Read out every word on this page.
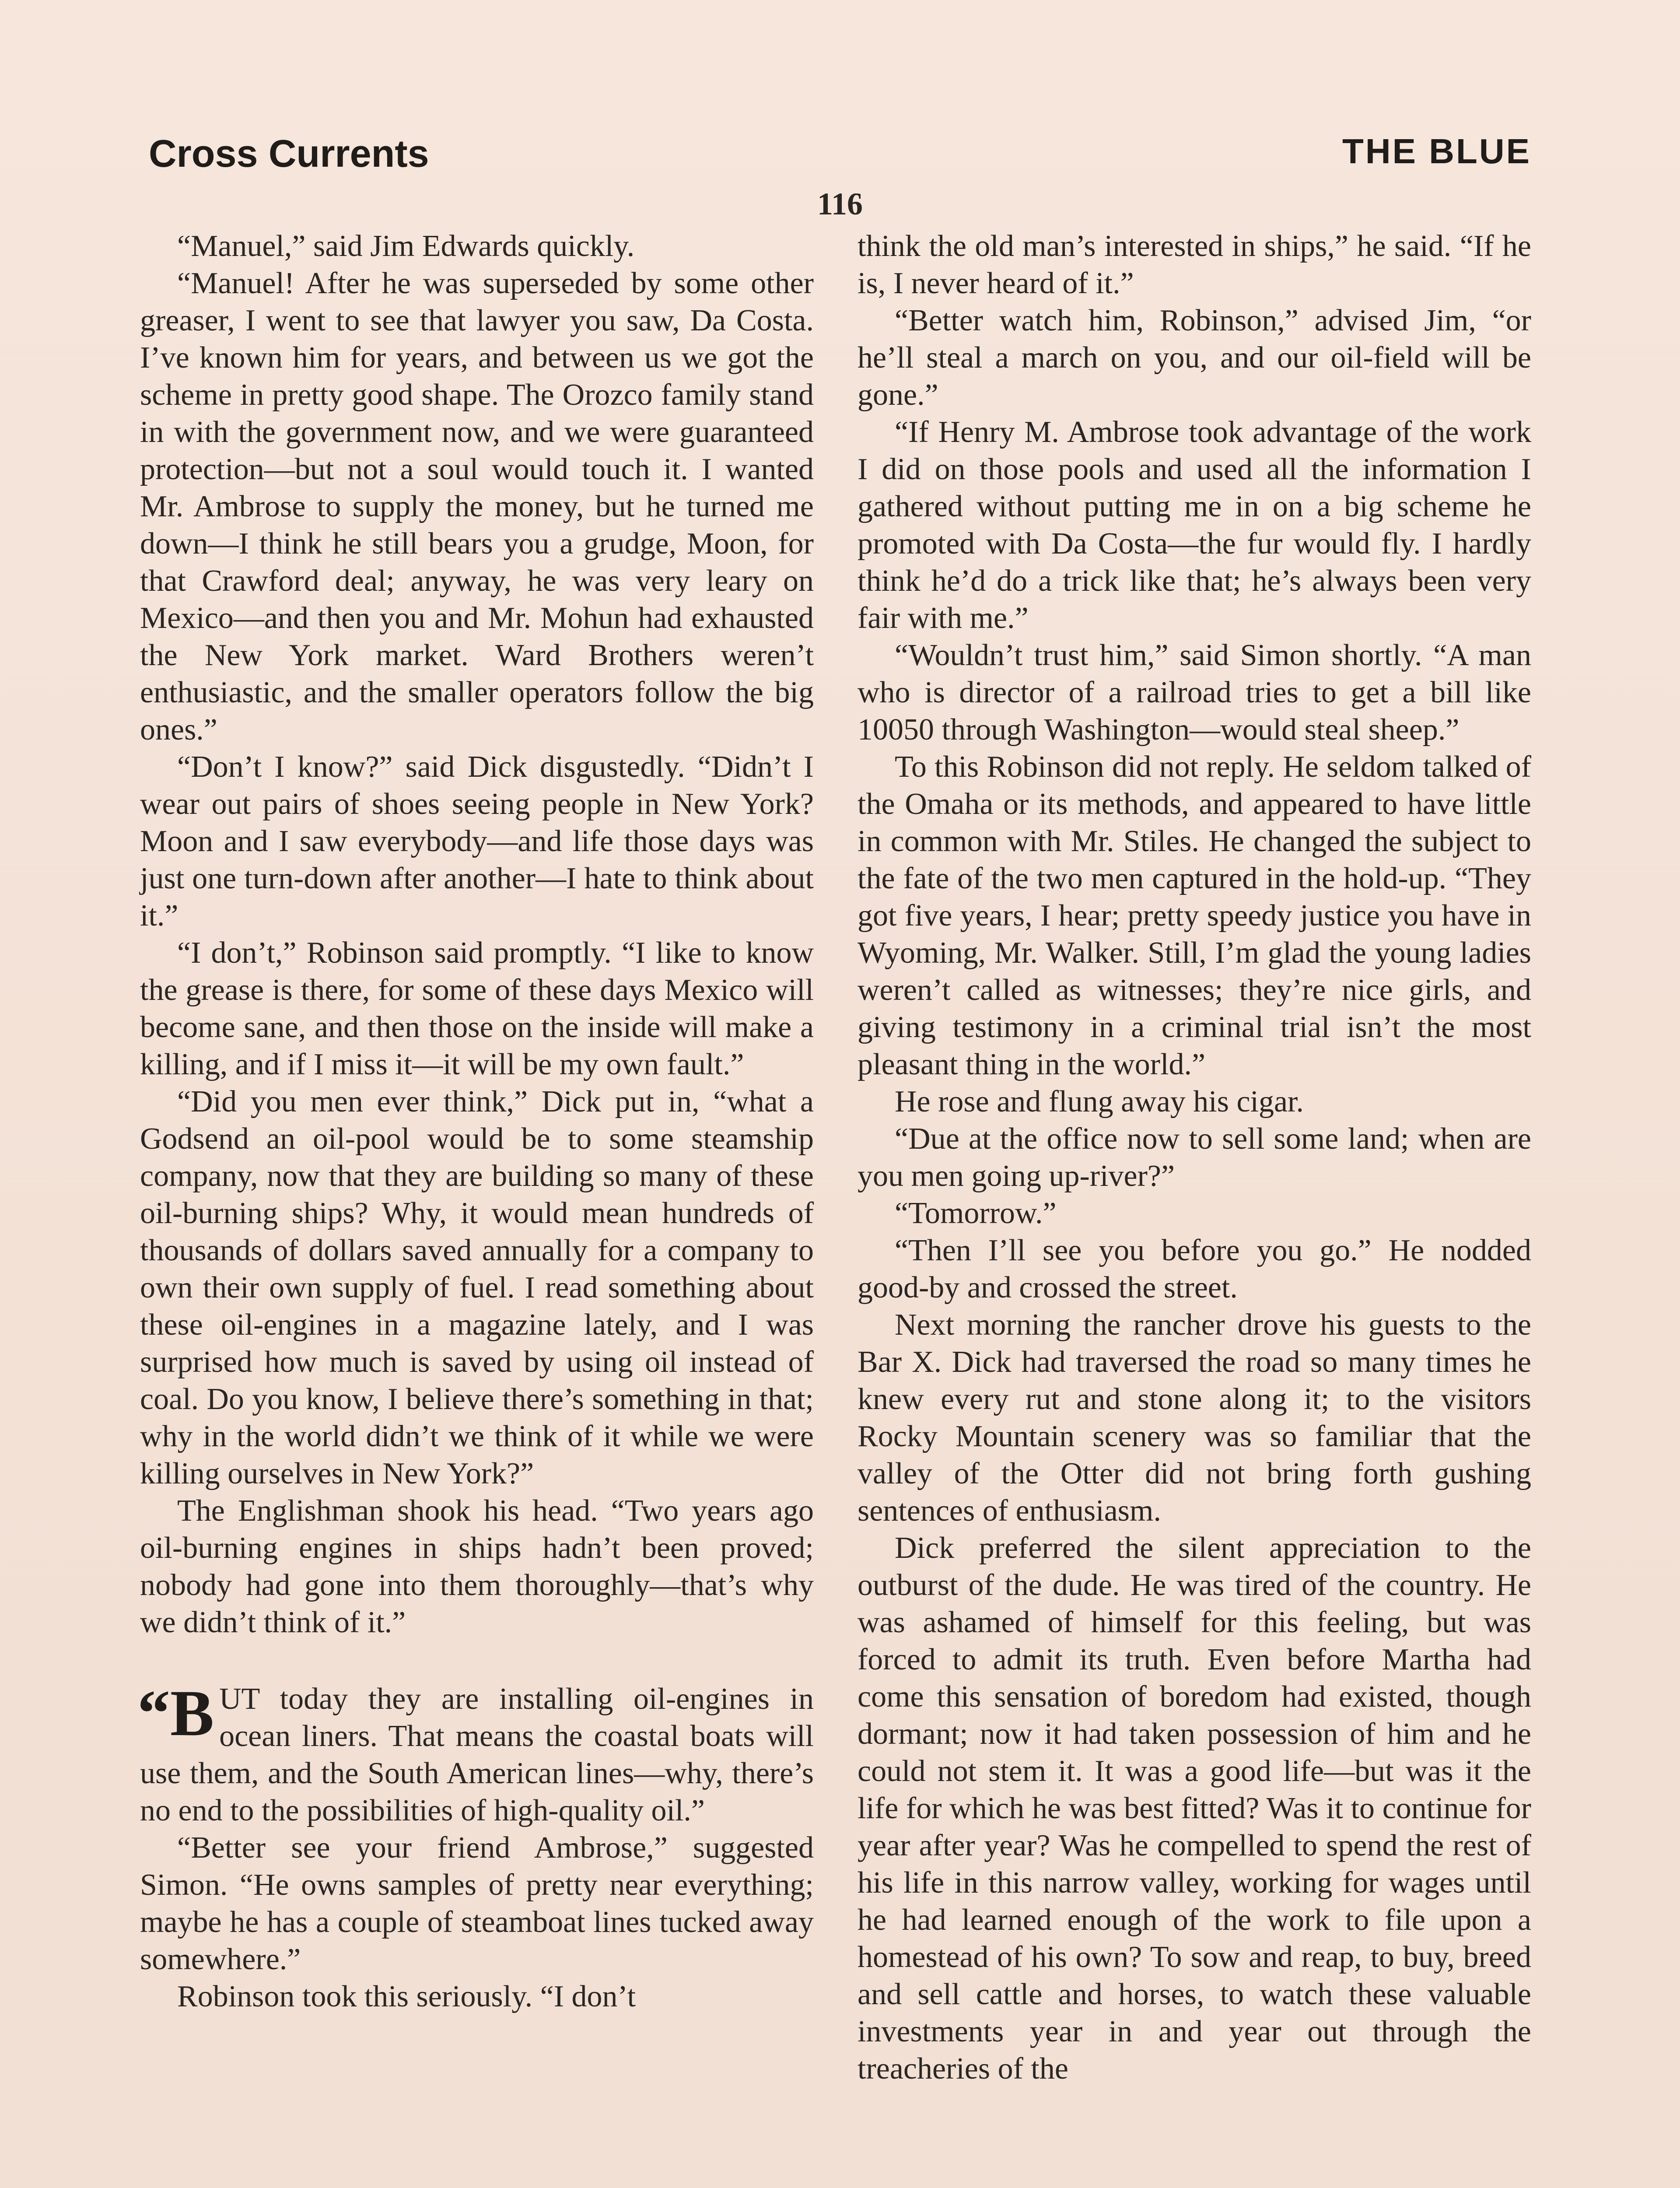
Cross Currents	THE BLUE
116

“Manuel,” said Jim Edwards quickly.

“Manuel! After he was superseded by some other greaser, I went to see that lawyer you saw, Da Costa. I’ve known him for years, and between us we got the scheme in pretty good shape. The Orozco family stand in with the government now, and we were guaranteed protection—but not a soul would touch it. I wanted Mr. Ambrose to supply the money, but he turned me down—I think he still bears you a grudge, Moon, for that Crawford deal; anyway, he was very leary on Mexico—and then you and Mr. Mohun had exhausted the New York market. Ward Brothers weren’t enthusiastic, and the smaller operators follow the big ones.”

“Don’t I know?” said Dick disgustedly. “Didn’t I wear out pairs of shoes seeing people in New York? Moon and I saw everybody—and life those days was just one turn-down after another—I hate to think about it.”

“I don’t,” Robinson said promptly. “I like to know the grease is there, for some of these days Mexico will become sane, and then those on the inside will make a killing, and if I miss it—it will be my own fault.”

“Did you men ever think,” Dick put in, “what a Godsend an oil-pool would be to some steamship company, now that they are building so many of these oil-burning ships? Why, it would mean hundreds of thousands of dollars saved annually for a company to own their own supply of fuel. I read something about these oil-engines in a magazine lately, and I was surprised how much is saved by using oil instead of coal. Do you know, I believe there’s something in that; why in the world didn’t we think of it while we were killing ourselves in New York?”

The Englishman shook his head. “Two years ago oil-burning engines in ships hadn’t been proved; nobody had gone into them thoroughly—that’s why we didn’t think of it.”

“B UT today they are installing oil-engines in ocean liners. That means the coastal boats will use them, and the South American lines—why, there’s no end to the possibilities of high-quality oil.”

“Better see your friend Ambrose,” suggested Simon. “He owns samples of pretty near everything; maybe he has a couple of steamboat lines tucked away somewhere.”

Robinson took this seriously. “I don’t

think the old man’s interested in ships,” he said. “If he is, I never heard of it.”

“Better watch him, Robinson,” advised Jim, “or he’ll steal a march on you, and our oil-field will be gone.”

“If Henry M. Ambrose took advantage of the work I did on those pools and used all the information I gathered without putting me in on a big scheme he promoted with Da Costa—the fur would fly. I hardly think he’d do a trick like that; he’s always been very fair with me.”

“Wouldn’t trust him,” said Simon shortly. “A man who is director of a railroad tries to get a bill like 10050 through Washington—would steal sheep.”

To this Robinson did not reply. He seldom talked of the Omaha or its methods, and appeared to have little in common with Mr. Stiles. He changed the subject to the fate of the two men captured in the hold-up. “They got five years, I hear; pretty speedy justice you have in Wyoming, Mr. Walker. Still, I’m glad the young ladies weren’t called as witnesses; they’re nice girls, and giving testimony in a criminal trial isn’t the most pleasant thing in the world.”

He rose and flung away his cigar.

“Due at the office now to sell some land; when are you men going up-river?”

“Tomorrow.”

“Then I’ll see you before you go.” He nodded good-by and crossed the street.

Next morning the rancher drove his guests to the Bar X. Dick had traversed the road so many times he knew every rut and stone along it; to the visitors Rocky Mountain scenery was so familiar that the valley of the Otter did not bring forth gushing sentences of enthusiasm.

Dick preferred the silent appreciation to the outburst of the dude. He was tired of the country. He was ashamed of himself for this feeling, but was forced to admit its truth. Even before Martha had come this sensation of boredom had existed, though dormant; now it had taken possession of him and he could not stem it. It was a good life—but was it the life for which he was best fitted? Was it to continue for year after year? Was he compelled to spend the rest of his life in this narrow valley, working for wages until he had learned enough of the work to file upon a homestead of his own? To sow and reap, to buy, breed and sell cattle and horses, to watch these valuable investments year in and year out through the treacheries of the
